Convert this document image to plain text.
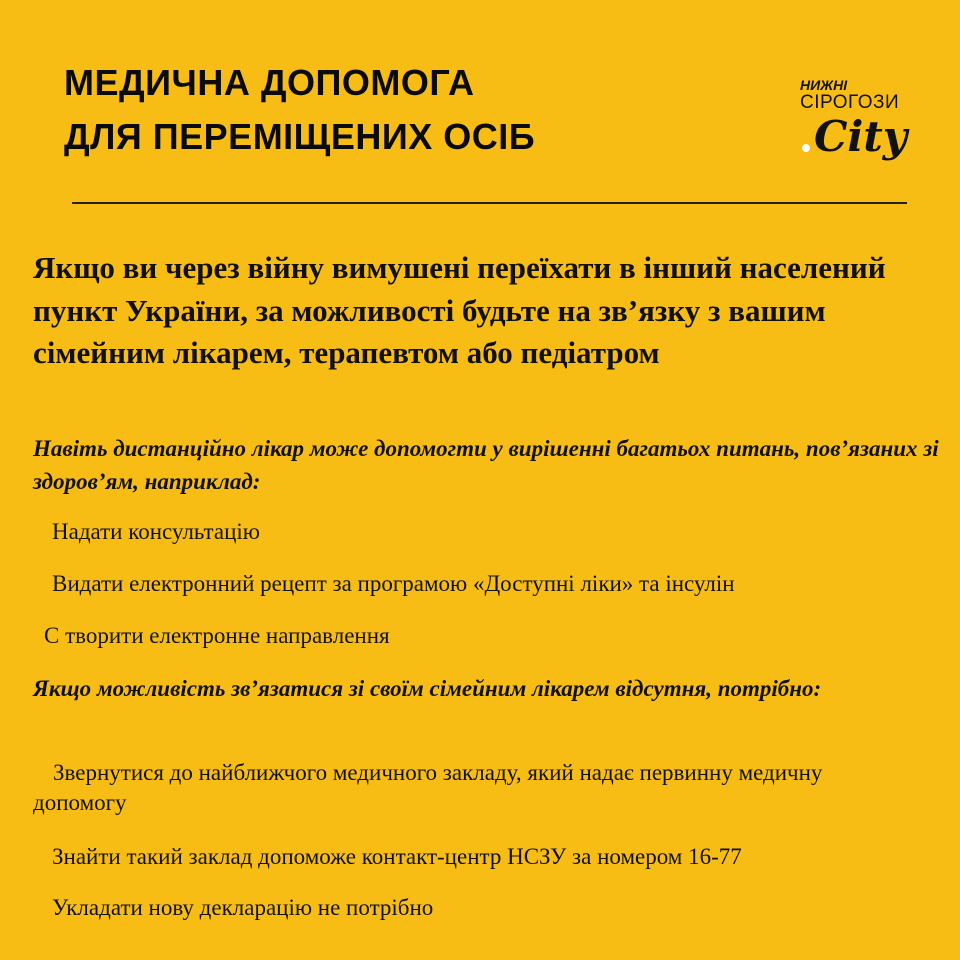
МЕДИЧНА ДОПОМОГА
ДЛЯ ПЕРЕМІЩЕНИХ ОСІБ
НИЖНІ
СІРОГОЗИ
City
Якщо ви через війну вимушені переїхати в інший населений пункт України, за можливості будьте на зв’язку з вашим сімейним лікарем, терапевтом або педіатром
Навіть дистанційно лікар може допомогти у вирішенні багатьох питань, пов’язаних зі здоров’ям, наприклад:
Надати консультацію
Видати електронний рецепт за програмою «Доступні ліки» та інсулін
С творити електронне направлення
Якщо можливість зв’язатися зі своїм сімейним лікарем відсутня, потрібно:
Звернутися до найближчого медичного закладу, який надає первинну медичну допомогу
Знайти такий заклад допоможе контакт-центр НСЗУ за номером 16-77
Укладати нову декларацію не потрібно
